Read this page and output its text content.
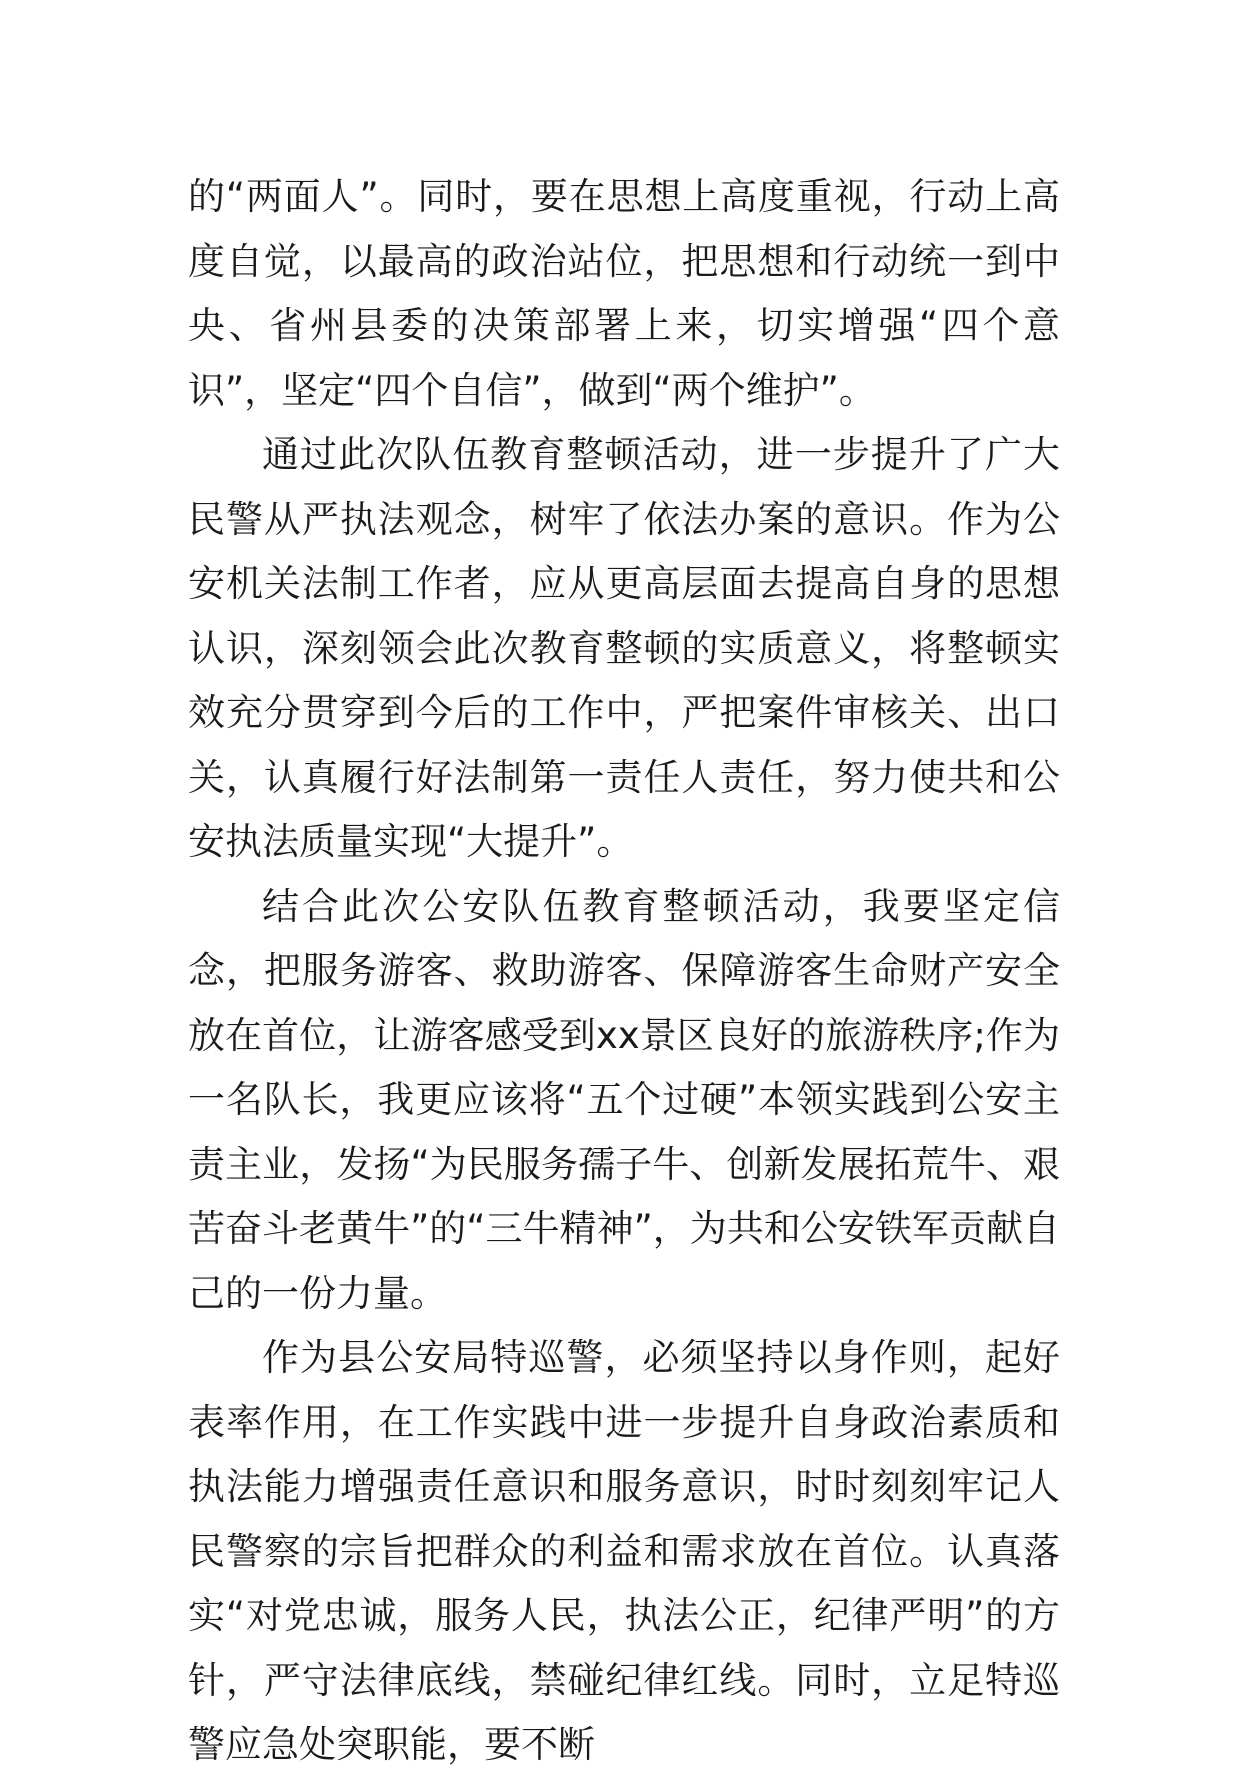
的“两面人”。同时，要在思想上高度重视，行动上高度自觉，以最高的政治站位，把思想和行动统一到中央、省州县委的决策部署上来，切实增强“四个意识”，坚定“四个自信”，做到“两个维护”。

通过此次队伍教育整顿活动，进一步提升了广大民警从严执法观念，树牢了依法办案的意识。作为公安机关法制工作者，应从更高层面去提高自身的思想认识，深刻领会此次教育整顿的实质意义，将整顿实效充分贯穿到今后的工作中，严把案件审核关、出口关，认真履行好法制第一责任人责任，努力使共和公安执法质量实现“大提升”。

结合此次公安队伍教育整顿活动，我要坚定信念，把服务游客、救助游客、保障游客生命财产安全放在首位，让游客感受到xx景区良好的旅游秩序;作为一名队长，我更应该将“五个过硬”本领实践到公安主责主业，发扬“为民服务孺子牛、创新发展拓荒牛、艰苦奋斗老黄牛”的“三牛精神”，为共和公安铁军贡献自己的一份力量。

作为县公安局特巡警，必须坚持以身作则，起好表率作用，在工作实践中进一步提升自身政治素质和执法能力增强责任意识和服务意识，时时刻刻牢记人民警察的宗旨把群众的利益和需求放在首位。认真落实“对党忠诚，服务人民，执法公正，纪律严明”的方针，严守法律底线，禁碰纪律红线。同时，立足特巡警应急处突职能，要不断
